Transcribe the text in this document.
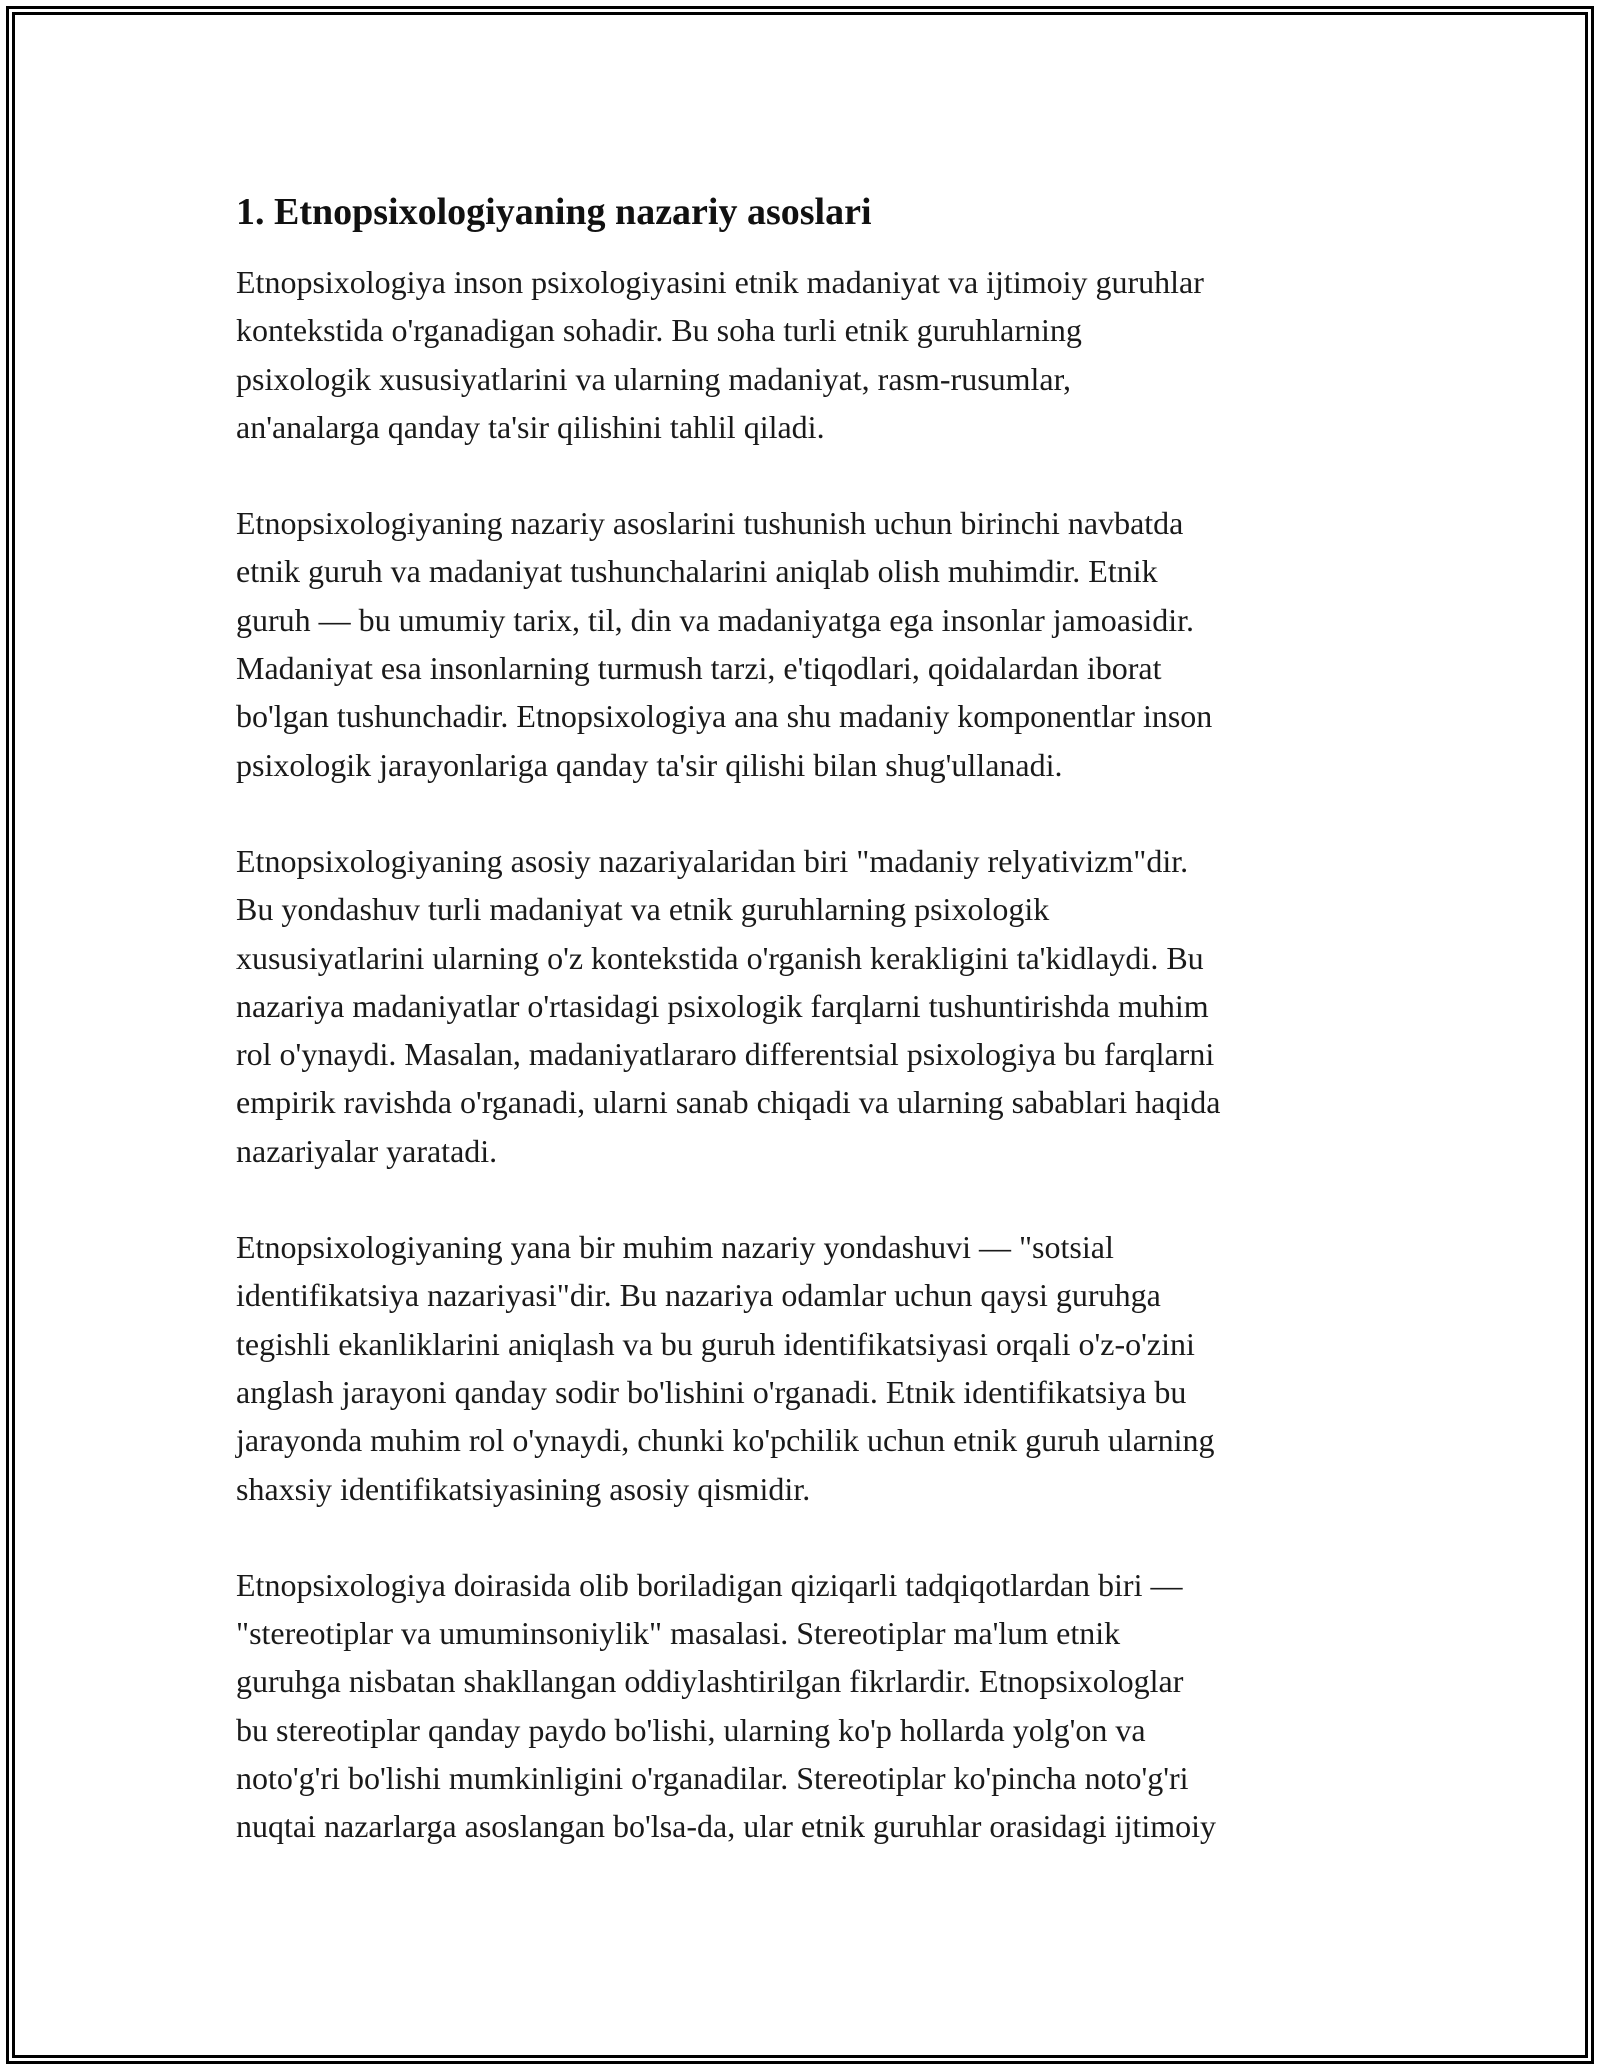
1. Etnopsixologiyaning nazariy asoslari

Etnopsixologiya inson psixologiyasini etnik madaniyat va ijtimoiy guruhlar
kontekstida o'rganadigan sohadir. Bu soha turli etnik guruhlarning
psixologik xususiyatlarini va ularning madaniyat, rasm-rusumlar,
an'analarga qanday ta'sir qilishini tahlil qiladi.

Etnopsixologiyaning nazariy asoslarini tushunish uchun birinchi navbatda
etnik guruh va madaniyat tushunchalarini aniqlab olish muhimdir. Etnik
guruh — bu umumiy tarix, til, din va madaniyatga ega insonlar jamoasidir.
Madaniyat esa insonlarning turmush tarzi, e'tiqodlari, qoidalardan iborat
bo'lgan tushunchadir. Etnopsixologiya ana shu madaniy komponentlar inson
psixologik jarayonlariga qanday ta'sir qilishi bilan shug'ullanadi.

Etnopsixologiyaning asosiy nazariyalaridan biri "madaniy relyativizm"dir.
Bu yondashuv turli madaniyat va etnik guruhlarning psixologik
xususiyatlarini ularning o'z kontekstida o'rganish kerakligini ta'kidlaydi. Bu
nazariya madaniyatlar o'rtasidagi psixologik farqlarni tushuntirishda muhim
rol o'ynaydi. Masalan, madaniyatlararo differentsial psixologiya bu farqlarni
empirik ravishda o'rganadi, ularni sanab chiqadi va ularning sabablari haqida
nazariyalar yaratadi.

Etnopsixologiyaning yana bir muhim nazariy yondashuvi — "sotsial
identifikatsiya nazariyasi"dir. Bu nazariya odamlar uchun qaysi guruhga
tegishli ekanliklarini aniqlash va bu guruh identifikatsiyasi orqali o'z-o'zini
anglash jarayoni qanday sodir bo'lishini o'rganadi. Etnik identifikatsiya bu
jarayonda muhim rol o'ynaydi, chunki ko'pchilik uchun etnik guruh ularning
shaxsiy identifikatsiyasining asosiy qismidir.

Etnopsixologiya doirasida olib boriladigan qiziqarli tadqiqotlardan biri —
"stereotiplar va umuminsoniylik" masalasi. Stereotiplar ma'lum etnik
guruhga nisbatan shakllangan oddiylashtirilgan fikrlardir. Etnopsixologlar
bu stereotiplar qanday paydo bo'lishi, ularning ko'p hollarda yolg'on va
noto'g'ri bo'lishi mumkinligini o'rganadilar. Stereotiplar ko'pincha noto'g'ri
nuqtai nazarlarga asoslangan bo'lsa-da, ular etnik guruhlar orasidagi ijtimoiy
